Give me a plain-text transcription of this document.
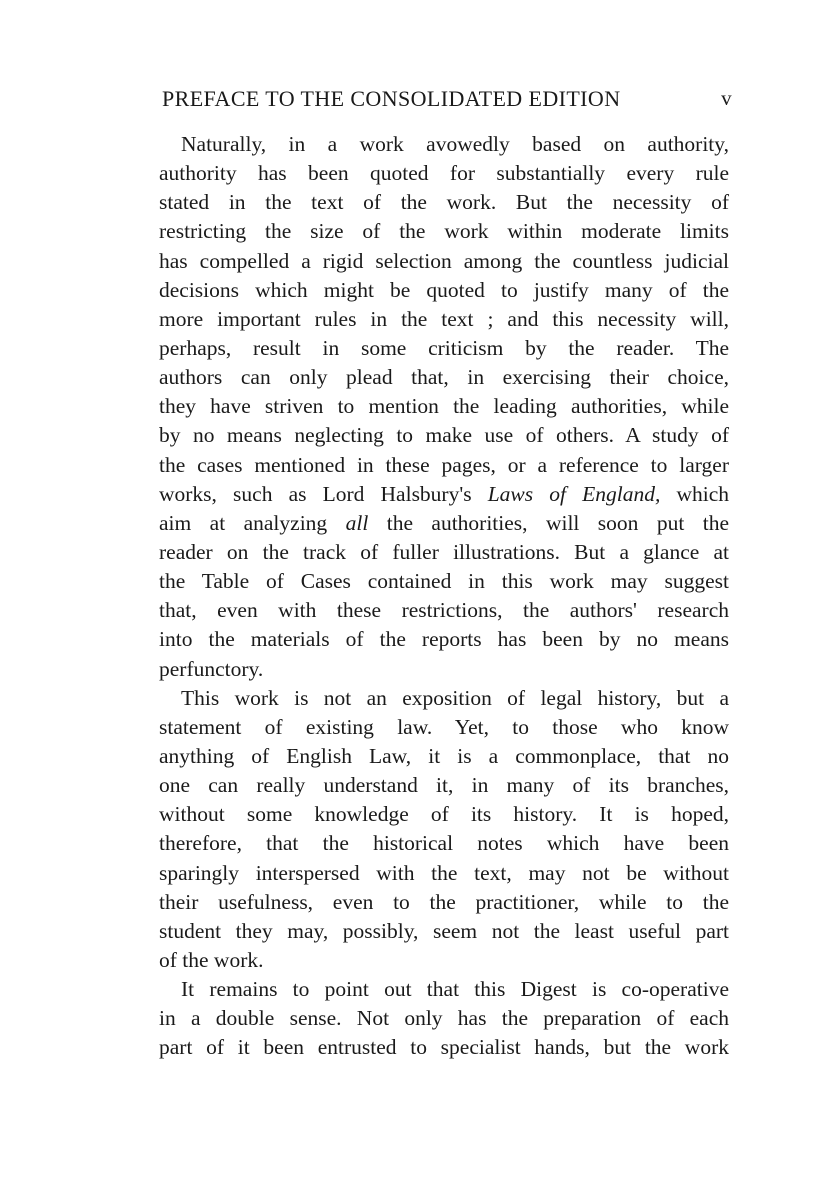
PREFACE TO THE CONSOLIDATED EDITION	v
Naturally, in a work avowedly based on authority,
authority has been quoted for substantially every rule
stated in the text of the work. But the necessity of
restricting the size of the work within moderate limits
has compelled a rigid selection among the countless judicial
decisions which might be quoted to justify many of the
more important rules in the text ; and this necessity will,
perhaps, result in some criticism by the reader. The
authors can only plead that, in exercising their choice,
they have striven to mention the leading authorities, while
by no means neglecting to make use of others. A study of
the cases mentioned in these pages, or a reference to larger
works, such as Lord Halsbury's Laws of England, which
aim at analyzing all the authorities, will soon put the
reader on the track of fuller illustrations. But a glance at
the Table of Cases contained in this work may suggest
that, even with these restrictions, the authors' research
into the materials of the reports has been by no means
perfunctory.
This work is not an exposition of legal history, but a
statement of existing law. Yet, to those who know
anything of English Law, it is a commonplace, that no
one can really understand it, in many of its branches,
without some knowledge of its history. It is hoped,
therefore, that the historical notes which have been
sparingly interspersed with the text, may not be without
their usefulness, even to the practitioner, while to the
student they may, possibly, seem not the least useful part
of the work.
It remains to point out that this Digest is co-operative
in a double sense. Not only has the preparation of each
part of it been entrusted to specialist hands, but the work
